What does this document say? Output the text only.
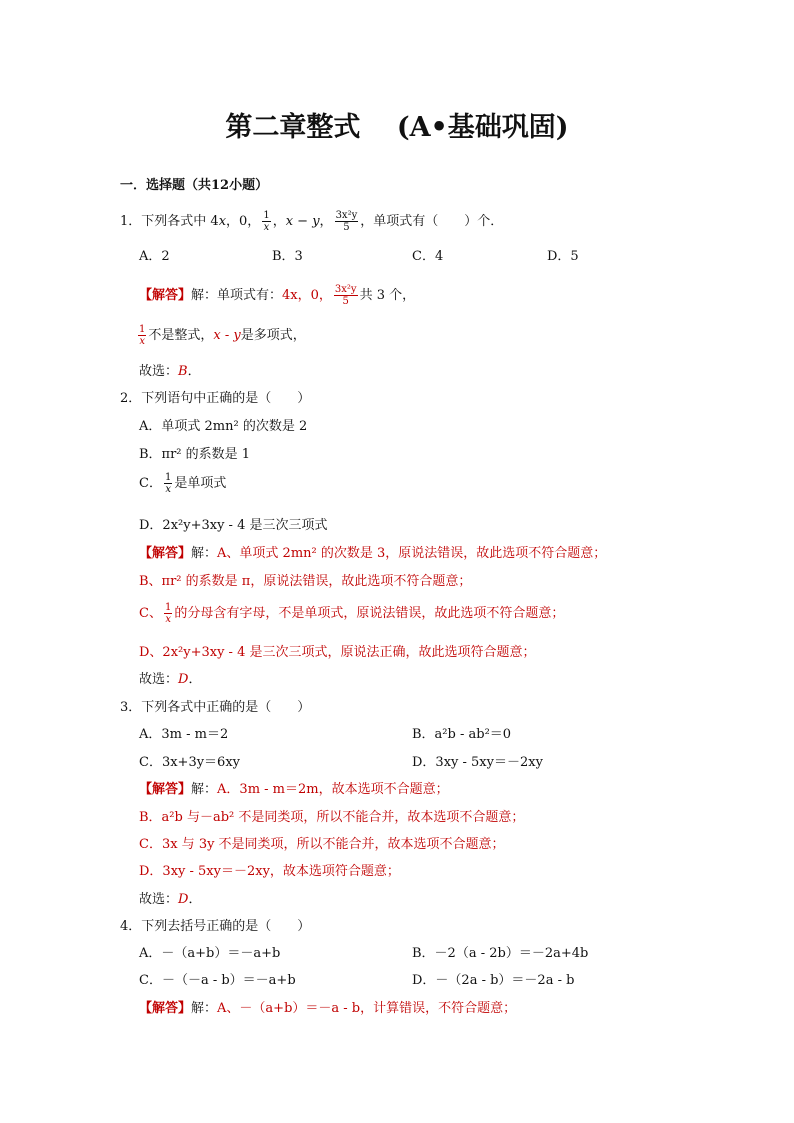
第二章整式 　(A•基础巩固)
一．选择题（共12小题）
1．下列各式中 4x，0， $\frac{1}{x}$ ，x − y， $\frac{\text{3x²y}}{5}$ ，单项式有（　　）个．
A．2	B．3	C．4	D．5
【解答】解：单项式有：4x，0， $\frac{\text{3x²y}}{5}$ 共 3 个，
$\frac{1}{x}$ 不是整式，x - y是多项式，
故选：B．
2．下列语句中正确的是（　　）
A．单项式 2mn² 的次数是 2
B．πr² 的系数是 1
C． $\frac{1}{x}$ 是单项式
D．2x²y+3xy - 4 是三次三项式
【解答】解：A、单项式 2mn² 的次数是 3，原说法错误，故此选项不符合题意；
B、πr² 的系数是 π，原说法错误，故此选项不符合题意；
C、 $\frac{1}{x}$ 的分母含有字母，不是单项式，原说法错误，故此选项不符合题意；
D、2x²y+3xy - 4 是三次三项式，原说法正确，故此选项符合题意；
故选：D．
3．下列各式中正确的是（　　）
A．3m - m＝2	B．a²b - ab²＝0
C．3x+3y＝6xy	D．3xy - 5xy＝－2xy
【解答】解：A．3m - m＝2m，故本选项不合题意；
B．a²b 与－ab² 不是同类项，所以不能合并，故本选项不合题意；
C．3x 与 3y 不是同类项，所以不能合并，故本选项不合题意；
D．3xy - 5xy＝－2xy，故本选项符合题意；
故选：D．
4．下列去括号正确的是（　　）
A．－（a+b）＝－a+b	B．－2（a - 2b）＝－2a+4b
C．－（－a - b）＝－a+b	D．－（2a - b）＝－2a - b
【解答】解：A、－（a+b）＝－a - b，计算错误，不符合题意；
